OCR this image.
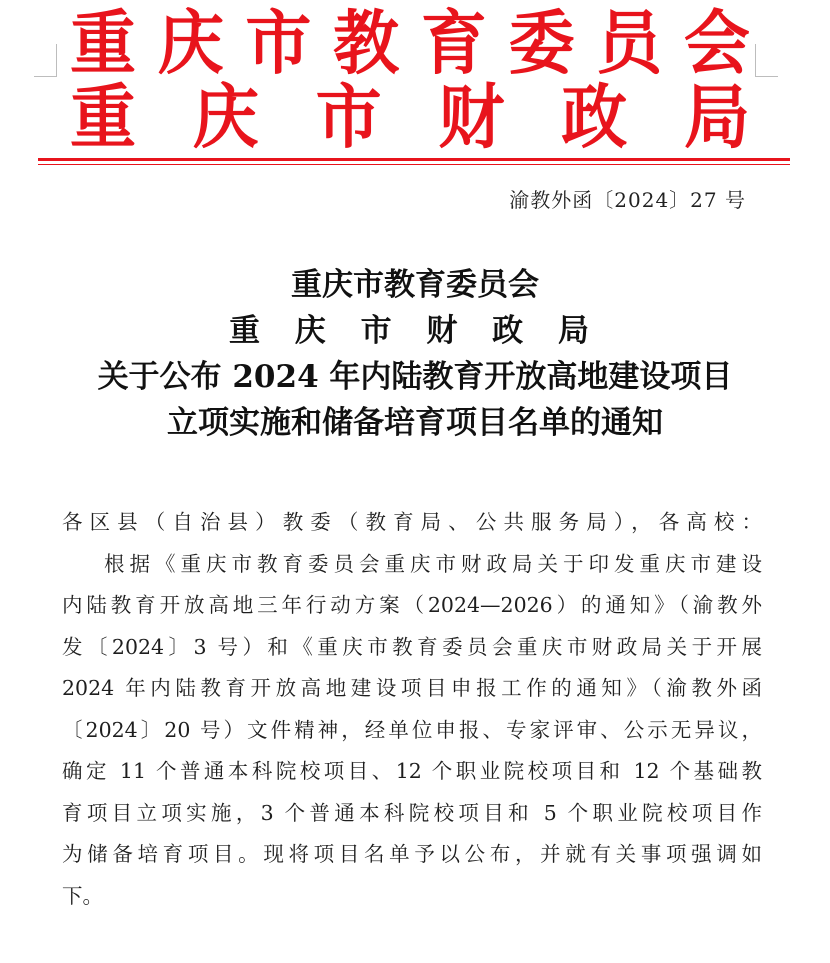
重 庆 市 教 育 委 员 会
重 庆 市 财 政 局
渝教外函〔2024〕27 号
重庆市教育委员会
重 庆 市 财 政 局
关于公布 2024 年内陆教育开放高地建设项目
立项实施和储备培育项目名单的通知
各区县（自治县）教委（教育局、公共服务局），各高校：
根据《重庆市教育委员会重庆市财政局关于印发重庆市建设
内陆教育开放高地三年行动方案（2024—2026）的通知》（渝教外
发〔2024〕3 号）和《重庆市教育委员会重庆市财政局关于开展
2024 年内陆教育开放高地建设项目申报工作的通知》（渝教外函
〔2024〕20 号）文件精神，经单位申报、专家评审、公示无异议，
确定 11 个普通本科院校项目、12 个职业院校项目和 12 个基础教
育项目立项实施，3 个普通本科院校项目和 5 个职业院校项目作
为储备培育项目。现将项目名单予以公布，并就有关事项强调如
下。
